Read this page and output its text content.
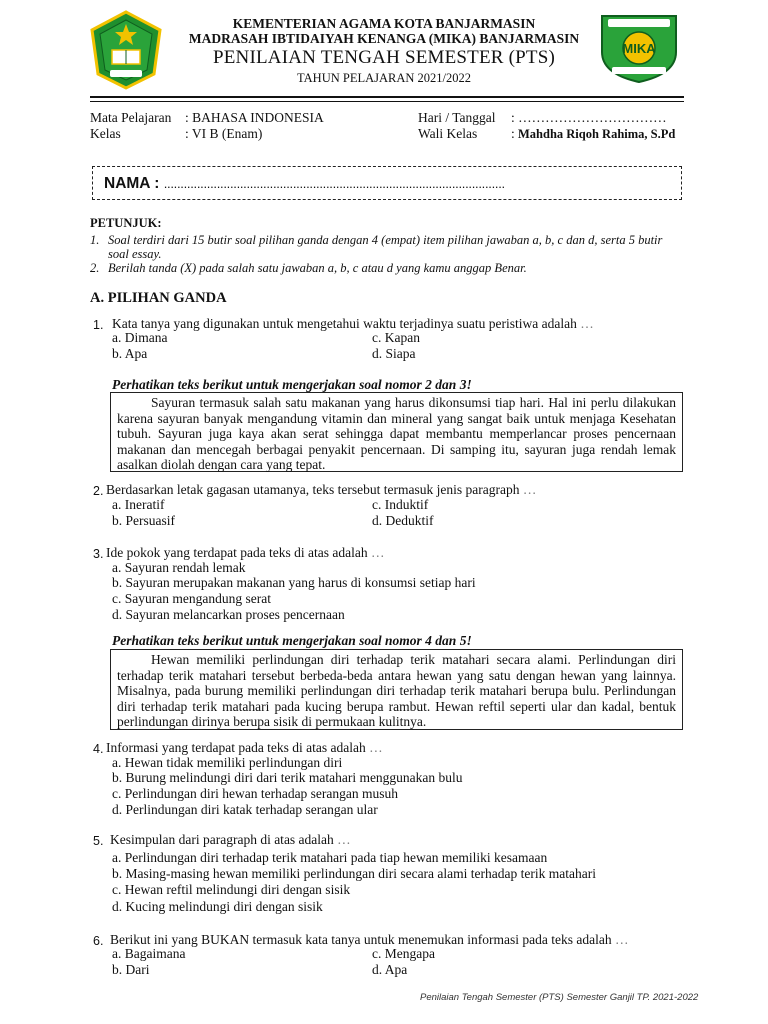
KEMENTERIAN AGAMA KOTA BANJARMASIN
MADRASAH IBTIDAIYAH KENANGA (MIKA) BANJARMASIN
PENILAIAN TENGAH SEMESTER (PTS)
TAHUN PELAJARAN 2021/2022
MIKA
Mata Pelajaran : BAHASA INDONESIA
Kelas	: VI B (Enam)
Hari / Tanggal : ……………………………
Wali Kelas : Mahdha Riqoh Rahima, S.Pd
NAMA : .......................................................................................................
PETUNJUK:
1. Soal terdiri dari 15 butir soal pilihan ganda dengan 4 (empat) item pilihan jawaban a, b, c dan d, serta 5 butir soal essay.
2. Berilah tanda (X) pada salah satu jawaban a, b, c atau d yang kamu anggap Benar.
A. PILIHAN GANDA
1. Kata tanya yang digunakan untuk mengetahui waktu terjadinya suatu peristiwa adalah …
a. Dimana	c. Kapan
b. Apa	d. Siapa
Perhatikan teks berikut untuk mengerjakan soal nomor 2 dan 3!

Sayuran termasuk salah satu makanan yang harus dikonsumsi tiap hari. Hal ini perlu dilakukan karena sayuran banyak mengandung vitamin dan mineral yang sangat baik untuk menjaga Kesehatan tubuh. Sayuran juga kaya akan serat sehingga dapat membantu memperlancar proses pencernaan makanan dan mencegah berbagai penyakit pencernaan. Di samping itu, sayuran juga rendah lemak asalkan diolah dengan cara yang tepat.

2. Berdasarkan letak gagasan utamanya, teks tersebut termasuk jenis paragraph …
a. Ineratif	c. Induktif
b. Persuasif	d. Deduktif
3. Ide pokok yang terdapat pada teks di atas adalah …
a. Sayuran rendah lemak
b. Sayuran merupakan makanan yang harus di konsumsi setiap hari
c. Sayuran mengandung serat
d. Sayuran melancarkan proses pencernaan
Perhatikan teks berikut untuk mengerjakan soal nomor 4 dan 5!

Hewan memiliki perlindungan diri terhadap terik matahari secara alami. Perlindungan diri terhadap terik matahari tersebut berbeda-beda antara hewan yang satu dengan hewan yang lainnya. Misalnya, pada burung memiliki perlindungan diri terhadap terik matahari berupa bulu. Perlindungan diri terhadap terik matahari pada kucing berupa rambut. Hewan reftil seperti ular dan kadal, bentuk perlindungan dirinya berupa sisik di permukaan kulitnya.

4. Informasi yang terdapat pada teks di atas adalah …
a. Hewan tidak memiliki perlindungan diri
b. Burung melindungi diri dari terik matahari menggunakan bulu
c. Perlindungan diri hewan terhadap serangan musuh
d. Perlindungan diri katak terhadap serangan ular
5. Kesimpulan dari paragraph di atas adalah …
a. Perlindungan diri terhadap terik matahari pada tiap hewan memiliki kesamaan
b. Masing-masing hewan memiliki perlindungan diri secara alami terhadap terik matahari
c. Hewan reftil melindungi diri dengan sisik
d. Kucing melindungi diri dengan sisik
6. Berikut ini yang BUKAN termasuk kata tanya untuk menemukan informasi pada teks adalah …
a. Bagaimana	c. Mengapa
b. Dari	d. Apa
Penilaian Tengah Semester (PTS) Semester Ganjil TP. 2021-2022
